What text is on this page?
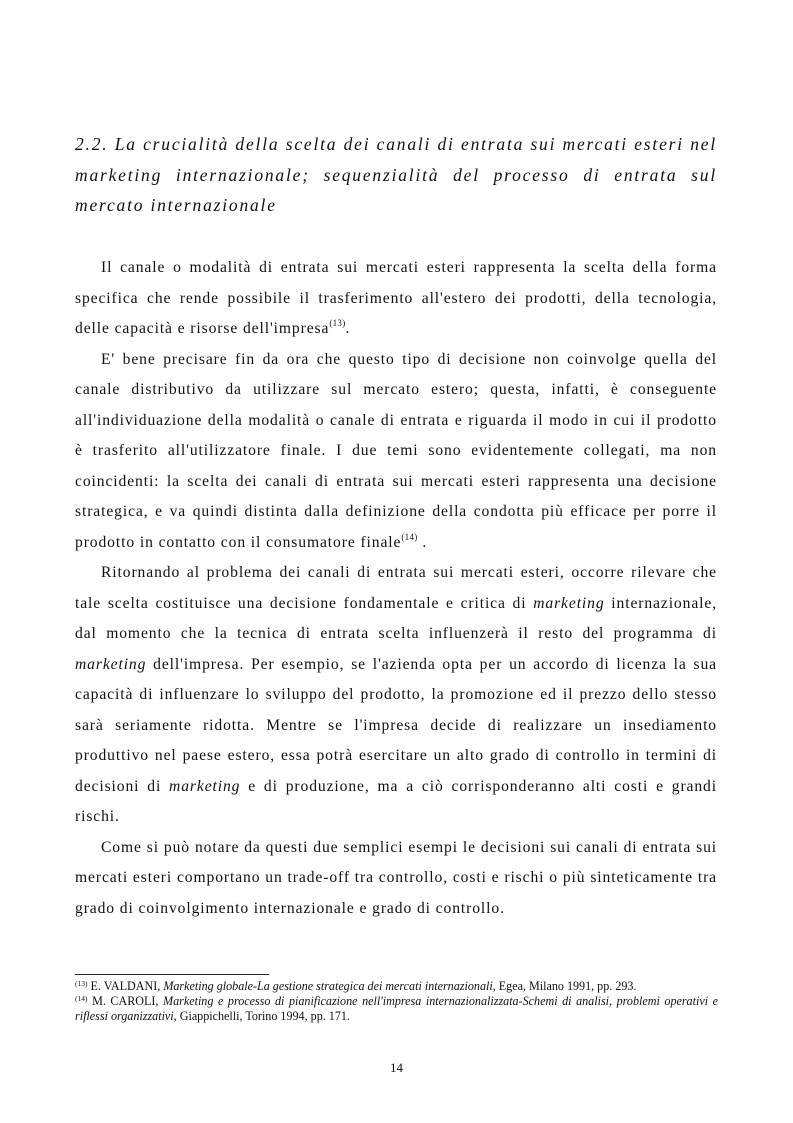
2.2. La crucialità della scelta dei canali di entrata sui mercati esteri nel marketing internazionale; sequenzialità del processo di entrata sul mercato internazionale

Il canale o modalità di entrata sui mercati esteri rappresenta la scelta della forma specifica che rende possibile il trasferimento all'estero dei prodotti, della tecnologia, delle capacità e risorse dell'impresa$^{(13)}$.

E' bene precisare fin da ora che questo tipo di decisione non coinvolge quella del canale distributivo da utilizzare sul mercato estero; questa, infatti, è conseguente all'individuazione della modalità o canale di entrata e riguarda il modo in cui il prodotto è trasferito all'utilizzatore finale. I due temi sono evidentemente collegati, ma non coincidenti: la scelta dei canali di entrata sui mercati esteri rappresenta una decisione strategica, e va quindi distinta dalla definizione della condotta più efficace per porre il prodotto in contatto con il consumatore finale$^{(14)}$ .

Ritornando al problema dei canali di entrata sui mercati esteri, occorre rilevare che tale scelta costituisce una decisione fondamentale e critica di marketing internazionale, dal momento che la tecnica di entrata scelta influenzerà il resto del programma di marketing dell'impresa. Per esempio, se l'azienda opta per un accordo di licenza la sua capacità di influenzare lo sviluppo del prodotto, la promozione ed il prezzo dello stesso sarà seriamente ridotta. Mentre se l'impresa decide di realizzare un insediamento produttivo nel paese estero, essa potrà esercitare un alto grado di controllo in termini di decisioni di marketing e di produzione, ma a ciò corrisponderanno alti costi e grandi rischi.

Come si può notare da questi due semplici esempi le decisioni sui canali di entrata sui mercati esteri comportano un trade-off tra controllo, costi e rischi o più sinteticamente tra grado di coinvolgimento internazionale e grado di controllo.

$^{(13)}$ E. VALDANI, Marketing globale-La gestione strategica dei mercati internazionali, Egea, Milano 1991, pp. 293.

$^{(14)}$ M. CAROLI, Marketing e processo di pianificazione nell'impresa internazionalizzata-Schemi di analisi, problemi operativi e riflessi organizzativi, Giappichelli, Torino 1994, pp. 171.

14
